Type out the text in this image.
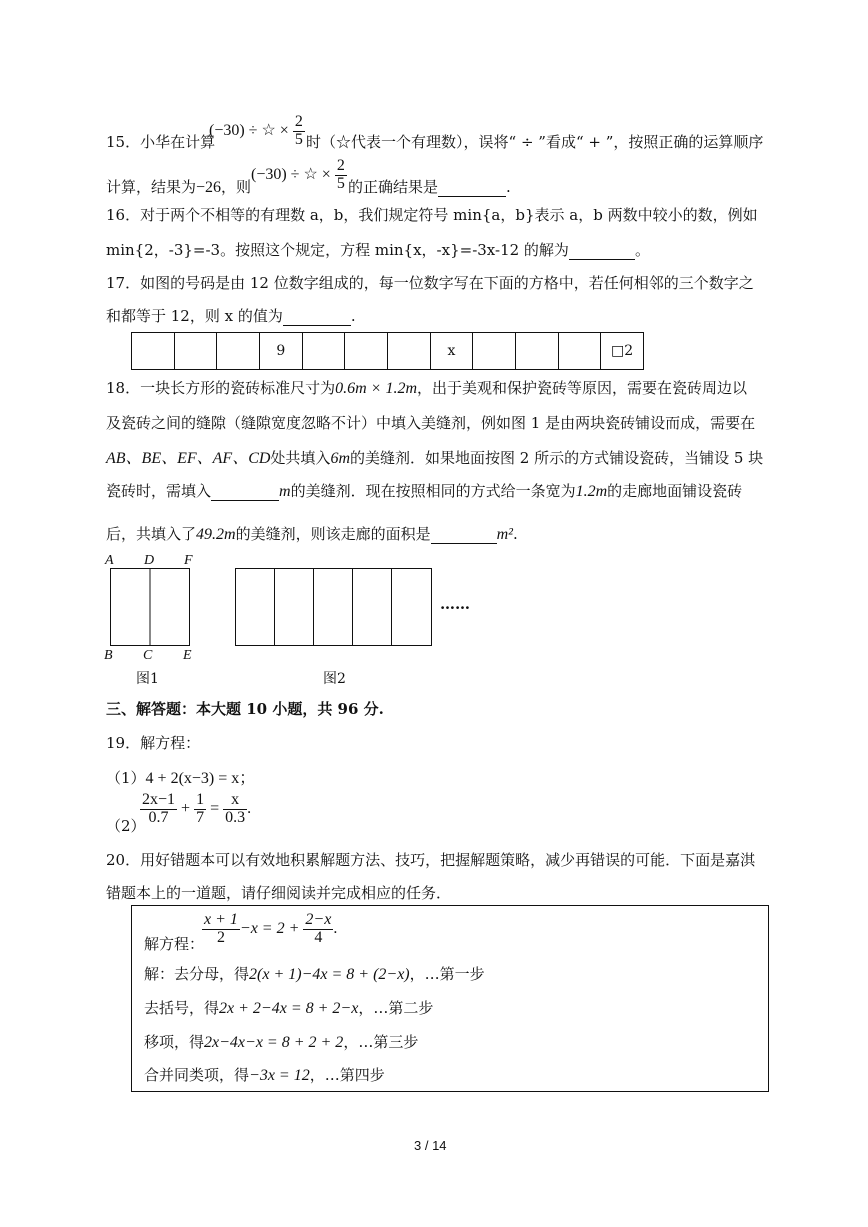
15．小华在计算
(−30) ÷ ☆ × $\frac{2}{5}$ 时（☆代表一个有理数），误将“ ÷ ”看成“ + ”，按照正确的运算顺序
计算，结果为−26，则
(−30) ÷ ☆ × $\frac{2}{5}$ 的正确结果是	.
16．对于两个不相等的有理数 a，b，我们规定符号 min{a，b}表示 a，b 两数中较小的数，例如
min{2，-3}=-3。按照这个规定，方程 min{x，-x}=-3x-12 的解为	。
17．如图的号码是由 12 位数字组成的，每一位数字写在下面的方格中，若任何相邻的三个数字之
和都等于 12，则 x 的值为	.
			9				x				□2
18．一块长方形的瓷砖标准尺寸为0.6m × 1.2m，出于美观和保护瓷砖等原因，需要在瓷砖周边以
及瓷砖之间的缝隙（缝隙宽度忽略不计）中填入美缝剂，例如图 1 是由两块瓷砖铺设而成，需要在
AB、BE、EF、AF、CD处共填入6m的美缝剂．如果地面按图 2 所示的方式铺设瓷砖，当铺设 5 块
瓷砖时，需填入	m的美缝剂．现在按照相同的方式给一条宽为1.2m的走廊地面铺设瓷砖
后，共填入了49.2m的美缝剂，则该走廊的面积是	m².
A D F
B C E
图1
……
图2
三、解答题：本大题 10 小题，共 96 分.
19．解方程：
（1）4 + 2(x−3) = x；
（2）
$\frac{2x-1}{0.7} + \frac{1}{7} = \frac{x}{0.3}$ .
20．用好错题本可以有效地积累解题方法、技巧，把握解题策略，减少再错误的可能．下面是嘉淇
错题本上的一道题，请仔细阅读并完成相应的任务．
解方程：
$\frac{x + 1}{2} -x = 2 + \frac{2-x}{4}$ .
解：去分母，得2(x + 1)−4x = 8 + (2−x)，…第一步
去括号，得2x + 2−4x = 8 + 2−x，…第二步
移项，得2x−4x−x = 8 + 2 + 2，…第三步
合并同类项，得−3x = 12，…第四步
3 / 14
